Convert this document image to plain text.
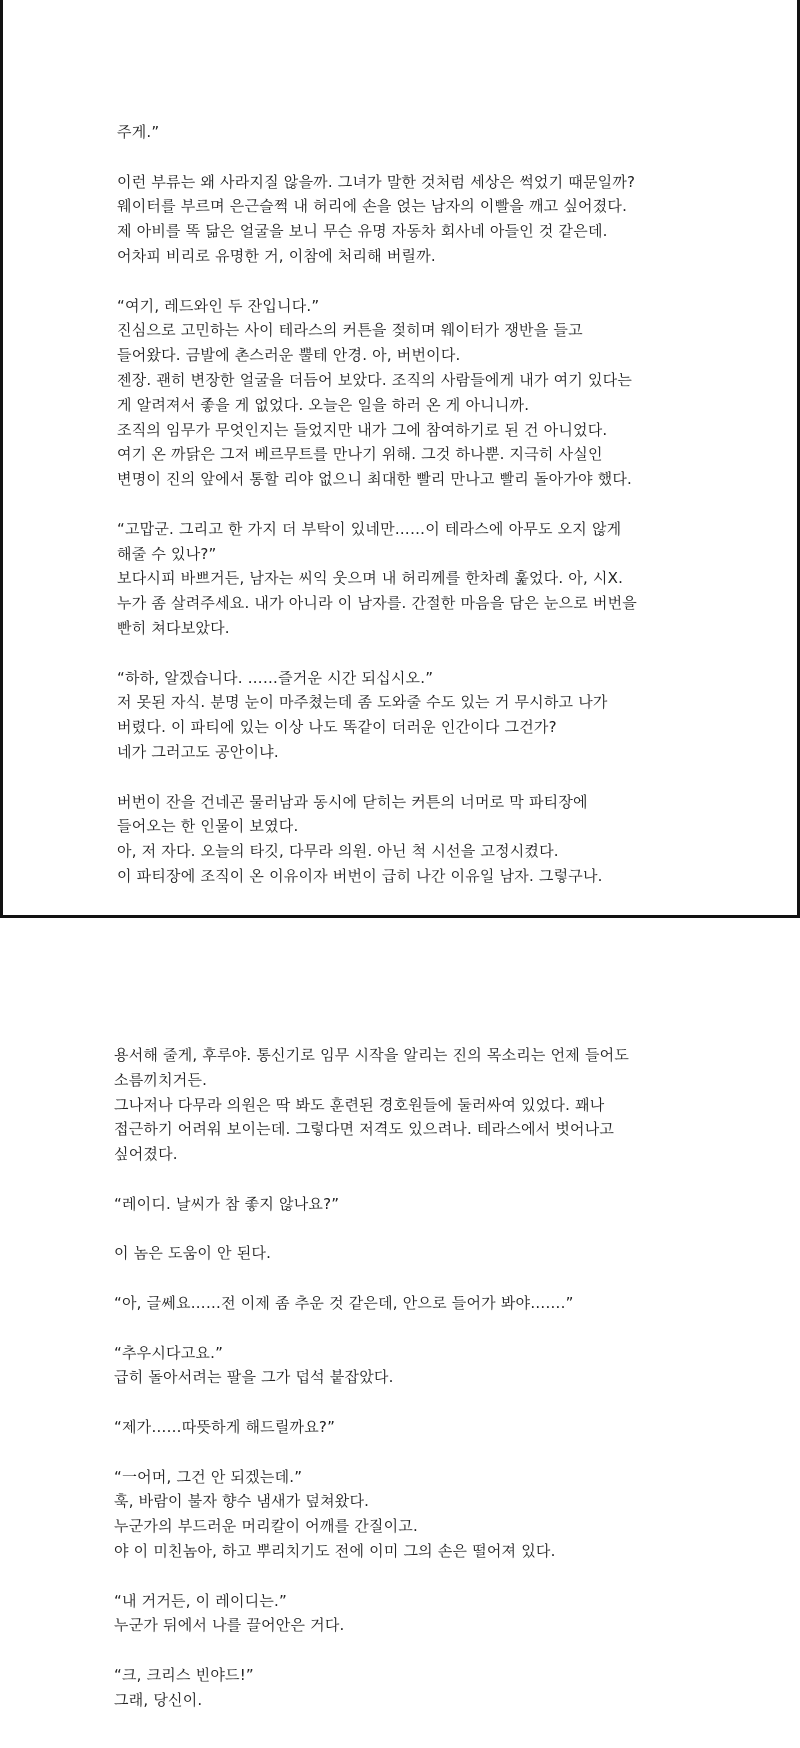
주게.”
이런 부류는 왜 사라지질 않을까. 그녀가 말한 것처럼 세상은 썩었기 때문일까?
웨이터를 부르며 은근슬쩍 내 허리에 손을 얹는 남자의 이빨을 깨고 싶어졌다.
제 아비를 똑 닮은 얼굴을 보니 무슨 유명 자동차 회사네 아들인 것 같은데.
어차피 비리로 유명한 거, 이참에 처리해 버릴까.
“여기, 레드와인 두 잔입니다.”
진심으로 고민하는 사이 테라스의 커튼을 젖히며 웨이터가 쟁반을 들고
들어왔다. 금발에 촌스러운 뿔테 안경. 아, 버번이다.
젠장. 괜히 변장한 얼굴을 더듬어 보았다. 조직의 사람들에게 내가 여기 있다는
게 알려져서 좋을 게 없었다. 오늘은 일을 하러 온 게 아니니까.
조직의 임무가 무엇인지는 들었지만 내가 그에 참여하기로 된 건 아니었다.
여기 온 까닭은 그저 베르무트를 만나기 위해. 그것 하나뿐. 지극히 사실인
변명이 진의 앞에서 통할 리야 없으니 최대한 빨리 만나고 빨리 돌아가야 했다.
“고맙군. 그리고 한 가지 더 부탁이 있네만……이 테라스에 아무도 오지 않게
해줄 수 있나?”
보다시피 바쁘거든, 남자는 씨익 웃으며 내 허리께를 한차례 훑었다. 아, 시X.
누가 좀 살려주세요. 내가 아니라 이 남자를. 간절한 마음을 담은 눈으로 버번을
빤히 쳐다보았다.
“하하, 알겠습니다. ……즐거운 시간 되십시오.”
저 못된 자식. 분명 눈이 마주쳤는데 좀 도와줄 수도 있는 거 무시하고 나가
버렸다. 이 파티에 있는 이상 나도 똑같이 더러운 인간이다 그건가?
네가 그러고도 공안이냐.
버번이 잔을 건네곤 물러남과 동시에 닫히는 커튼의 너머로 막 파티장에
들어오는 한 인물이 보였다.
아, 저 자다. 오늘의 타깃, 다무라 의원. 아닌 척 시선을 고정시켰다.
이 파티장에 조직이 온 이유이자 버번이 급히 나간 이유일 남자. 그렇구나.
용서해 줄게, 후루야. 통신기로 임무 시작을 알리는 진의 목소리는 언제 들어도
소름끼치거든.
그나저나 다무라 의원은 딱 봐도 훈련된 경호원들에 둘러싸여 있었다. 꽤나
접근하기 어려워 보이는데. 그렇다면 저격도 있으려나. 테라스에서 벗어나고
싶어졌다.
“레이디. 날씨가 참 좋지 않나요?”
이 놈은 도움이 안 된다.
“아, 글쎄요……전 이제 좀 추운 것 같은데, 안으로 들어가 봐야…….”
“추우시다고요.”
급히 돌아서려는 팔을 그가 덥석 붙잡았다.
“제가……따뜻하게 해드릴까요?”
“一어머, 그건 안 되겠는데.”
훅, 바람이 불자 향수 냄새가 덮쳐왔다.
누군가의 부드러운 머리칼이 어깨를 간질이고.
야 이 미친놈아, 하고 뿌리치기도 전에 이미 그의 손은 떨어져 있다.
“내 거거든, 이 레이디는.”
누군가 뒤에서 나를 끌어안은 거다.
“크, 크리스 빈야드!”
그래, 당신이.
